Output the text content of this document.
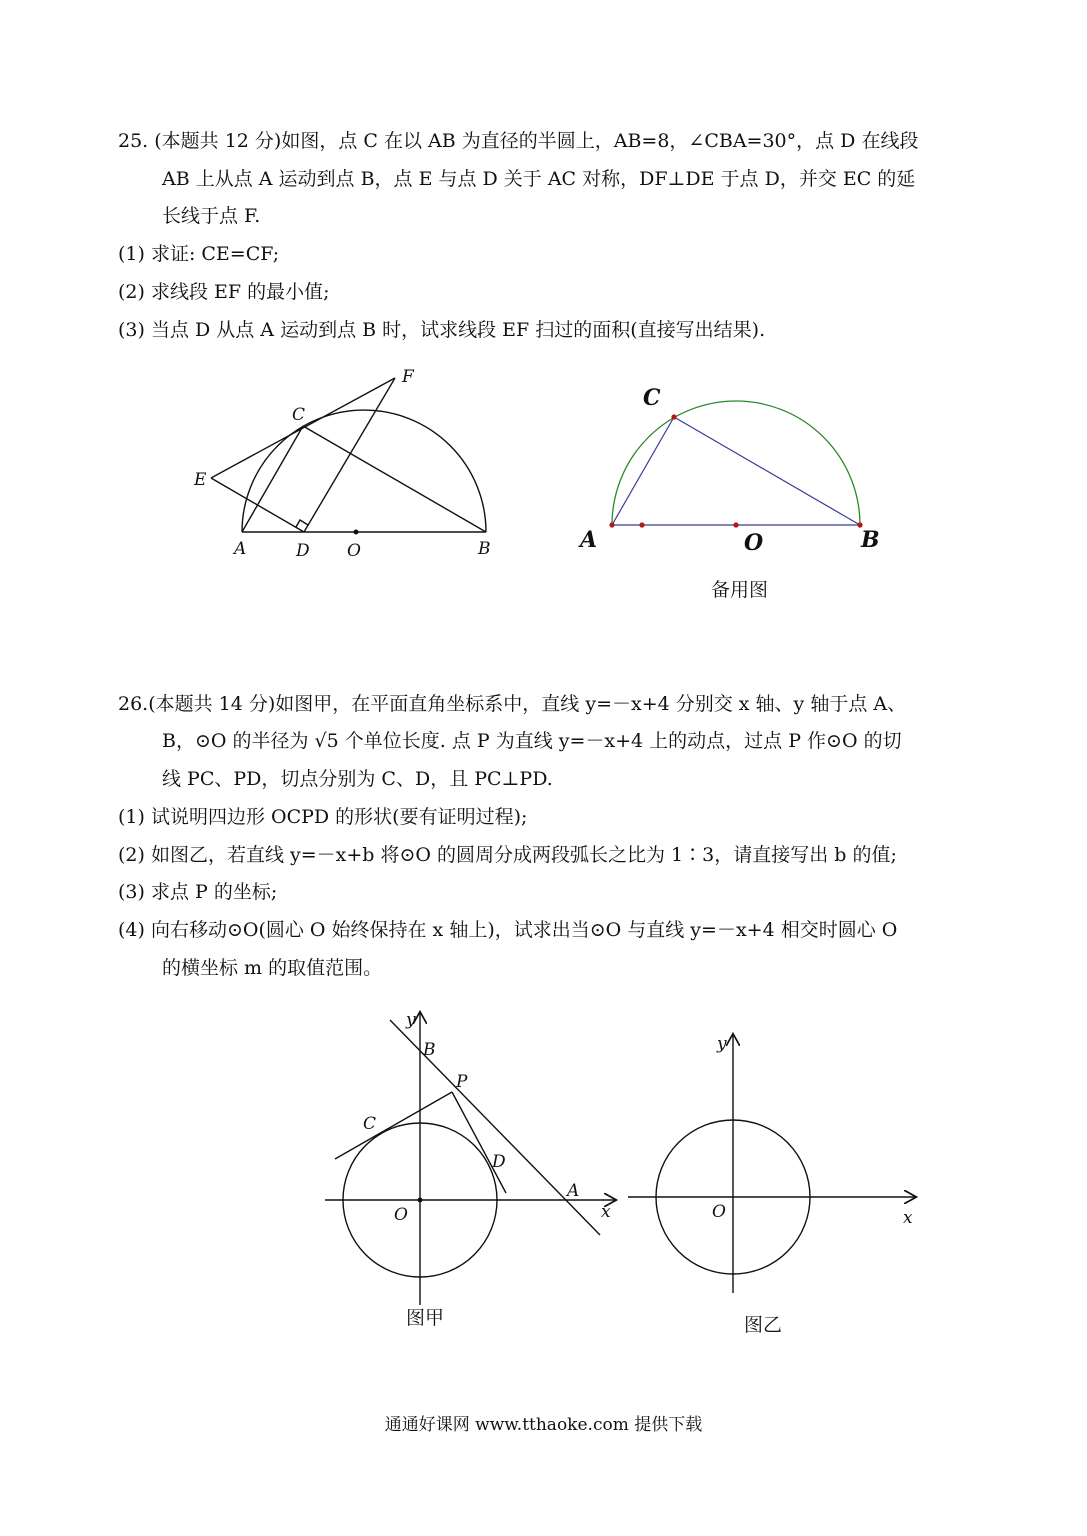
25. (本题共 12 分)如图，点 C 在以 AB 为直径的半圆上，AB=8，∠CBA=30°，点 D 在线段
AB 上从点 A 运动到点 B，点 E 与点 D 关于 AC 对称，DF⊥DE 于点 D，并交 EC 的延
长线于点 F.
(1) 求证: CE=CF;
(2) 求线段 EF 的最小值;
(3) 当点 D 从点 A 运动到点 B 时，试求线段 EF 扫过的面积(直接写出结果).
F
C
E
A	D O	B
C
A	O	B
备用图
26.(本题共 14 分)如图甲，在平面直角坐标系中，直线 y=－x+4 分别交 x 轴、y 轴于点 A、
B，⊙O 的半径为 √5 个单位长度. 点 P 为直线 y=－x+4 上的动点，过点 P 作⊙O 的切
线 PC、PD，切点分别为 C、D，且 PC⊥PD.
(1) 试说明四边形 OCPD 的形状(要有证明过程);
(2) 如图乙，若直线 y=－x+b 将⊙O 的圆周分成两段弧长之比为 1∶3，请直接写出 b 的值;
(3) 求点 P 的坐标;
(4) 向右移动⊙O(圆心 O 始终保持在 x 轴上)，试求出当⊙O 与直线 y=－x+4 相交时圆心 O
的横坐标 m 的取值范围。
y
B
P
C
D
A
O	x
图甲
y
O	x
图乙
通通好课网 www.tthaoke.com 提供下载
